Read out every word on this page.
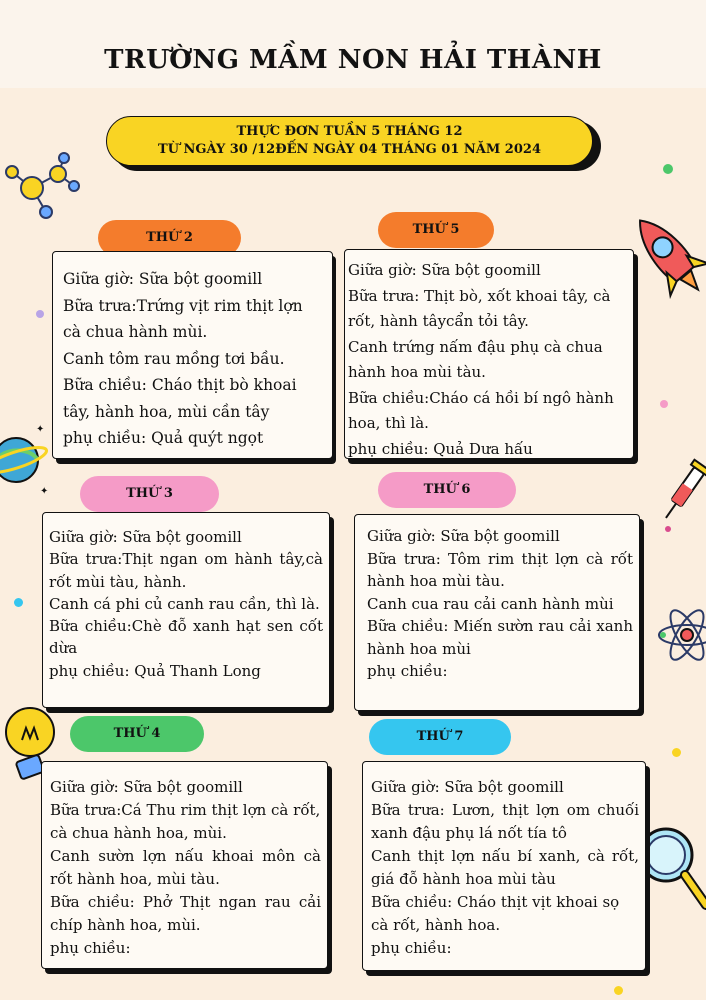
TRƯỜNG MẦM NON HẢI THÀNH
THỰC ĐƠN TUẦN 5 THÁNG 12
TỪ NGÀY 30 /12ĐẾN NGÀY 04 THÁNG 01 NĂM 2024
✦
✦
THỨ 2
Giữa giờ: Sữa bột goomill
Bữa trưa:Trứng vịt rim thịt lợn cà chua hành mùi.
Canh tôm rau mồng tơi bầu.
Bữa chiều: Cháo thịt bò khoai tây, hành hoa, mùi cần tây
phụ chiều: Quả quýt ngọt
THỨ 5
Giữa giờ: Sữa bột goomill
Bữa trưa: Thịt bò, xốt khoai tây, cà rốt, hành tâycẩn tỏi tây.
Canh trứng nấm đậu phụ cà chua hành hoa mùi tàu.
Bữa chiều:Cháo cá hồi bí ngô hành hoa, thì là.
phụ chiều: Quả Dưa hấu
THỨ 3
Giữa giờ: Sữa bột goomill
Bữa trưa:Thịt ngan om hành tây,cà rốt mùi tàu, hành.
Canh cá phi củ canh rau cần, thì là.
Bữa chiều:Chè đỗ xanh hạt sen cốt dừa
phụ chiều: Quả Thanh Long
THỨ 6
Giữa giờ: Sữa bột goomill
Bữa trưa: Tôm rim thịt lợn cà rốt hành hoa mùi tàu.
Canh cua rau cải canh hành mùi
Bữa chiều: Miến sườn rau cải xanh hành hoa mùi
phụ chiều:
THỨ 4
Giữa giờ: Sữa bột goomill
Bữa trưa:Cá Thu rim thịt lợn cà rốt, cà chua hành hoa, mùi.
Canh sườn lợn nấu khoai môn cà rốt hành hoa, mùi tàu.
Bữa chiều: Phở Thịt ngan rau cải chíp hành hoa, mùi.
phụ chiều:
THỨ 7
Giữa giờ: Sữa bột goomill
Bữa trưa: Lươn, thịt lợn om chuối xanh đậu phụ lá nốt tía tô
Canh thịt lợn nấu bí xanh, cà rốt, giá đỗ hành hoa mùi tàu
Bữa chiều: Cháo thịt vịt khoai sọ cà rốt, hành hoa.
phụ chiều:
